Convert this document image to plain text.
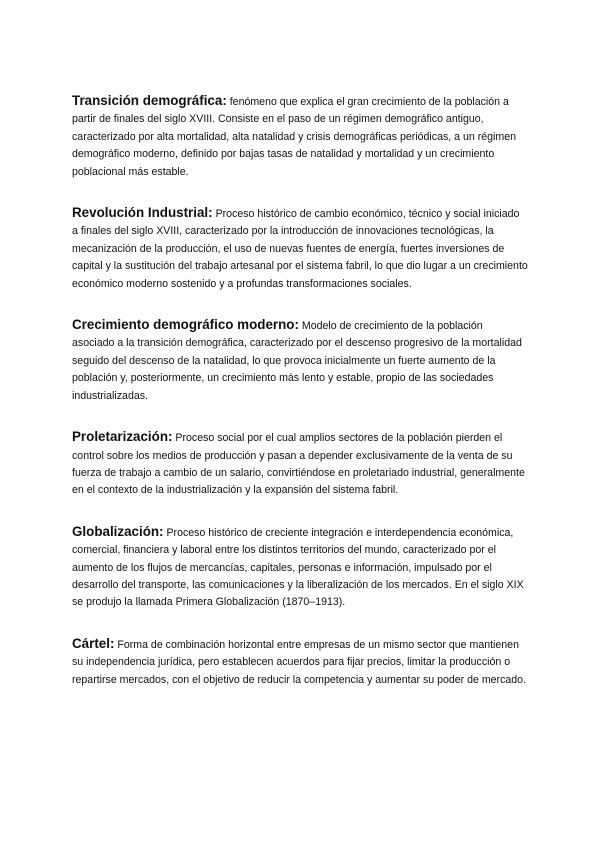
Transición demográfica: fenómeno que explica el gran crecimiento de la población a partir de finales del siglo XVIII. Consiste en el paso de un régimen demográfico antiguo, caracterizado por alta mortalidad, alta natalidad y crisis demográficas periódicas, a un régimen demográfico moderno, definido por bajas tasas de natalidad y mortalidad y un crecimiento poblacional más estable.

Revolución Industrial: Proceso histórico de cambio económico, técnico y social iniciado a finales del siglo XVIII, caracterizado por la introducción de innovaciones tecnológicas, la mecanización de la producción, el uso de nuevas fuentes de energía, fuertes inversiones de capital y la sustitución del trabajo artesanal por el sistema fabril, lo que dio lugar a un crecimiento económico moderno sostenido y a profundas transformaciones sociales.

Crecimiento demográfico moderno: Modelo de crecimiento de la población asociado a la transición demográfica, caracterizado por el descenso progresivo de la mortalidad seguido del descenso de la natalidad, lo que provoca inicialmente un fuerte aumento de la población y, posteriormente, un crecimiento más lento y estable, propio de las sociedades industrializadas.

Proletarización: Proceso social por el cual amplios sectores de la población pierden el control sobre los medios de producción y pasan a depender exclusivamente de la venta de su fuerza de trabajo a cambio de un salario, convirtiéndose en proletariado industrial, generalmente en el contexto de la industrialización y la expansión del sistema fabril.

Globalización: Proceso histórico de creciente integración e interdependencia económica, comercial, financiera y laboral entre los distintos territorios del mundo, caracterizado por el aumento de los flujos de mercancías, capitales, personas e información, impulsado por el desarrollo del transporte, las comunicaciones y la liberalización de los mercados. En el siglo XIX se produjo la llamada Primera Globalización (1870–1913).

Cártel: Forma de combinación horizontal entre empresas de un mismo sector que mantienen su independencia jurídica, pero establecen acuerdos para fijar precios, limitar la producción o repartirse mercados, con el objetivo de reducir la competencia y aumentar su poder de mercado.
